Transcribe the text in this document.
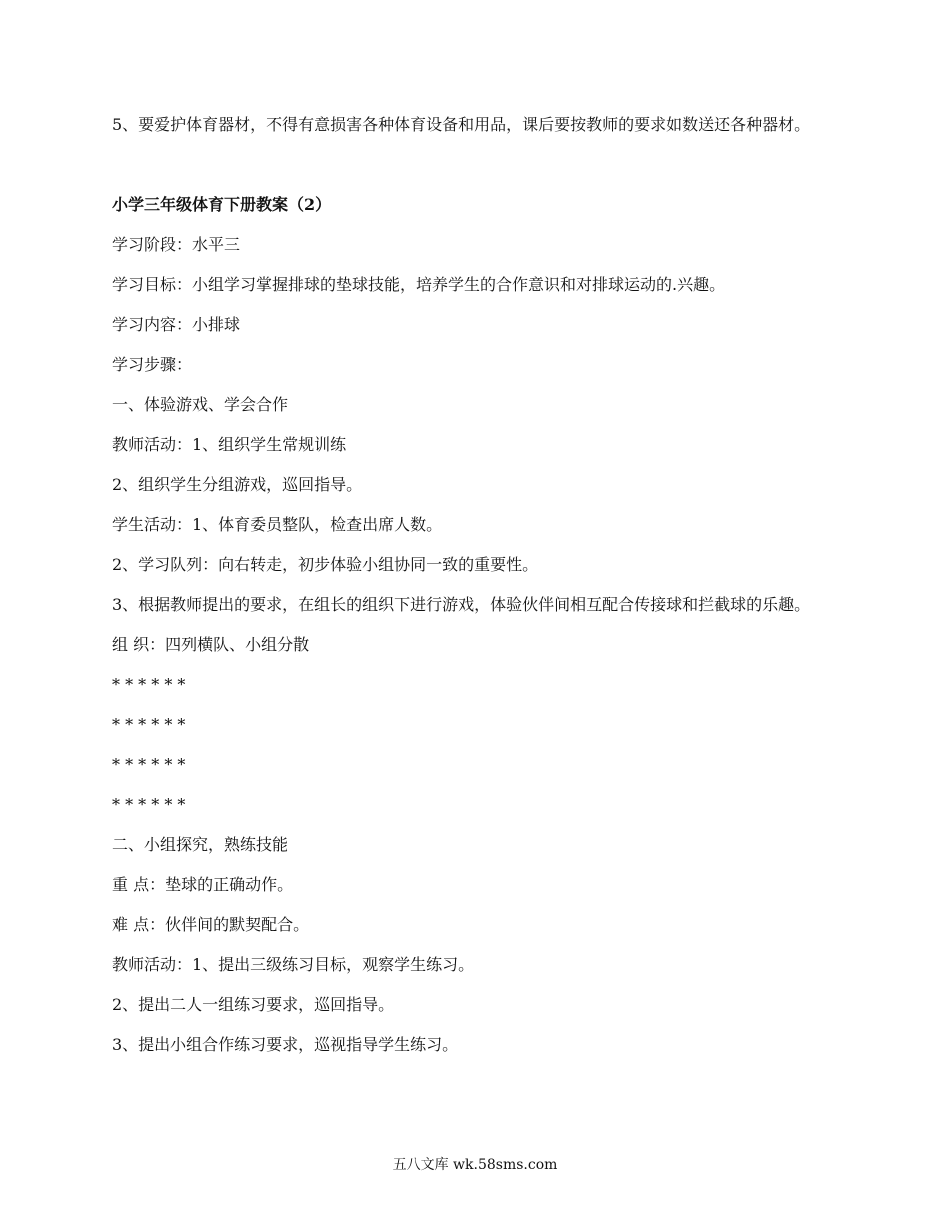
5、要爱护体育器材，不得有意损害各种体育设备和用品，课后要按教师的要求如数送还各种器材。

小学三年级体育下册教案（2）
学习阶段：水平三
学习目标：小组学习掌握排球的垫球技能，培养学生的合作意识和对排球运动的.兴趣。
学习内容：小排球
学习步骤：
一、体验游戏、学会合作
教师活动：1、组织学生常规训练
2、组织学生分组游戏，巡回指导。
学生活动：1、体育委员整队，检查出席人数。
2、学习队列：向右转走，初步体验小组协同一致的重要性。
3、根据教师提出的要求，在组长的组织下进行游戏，体验伙伴间相互配合传接球和拦截球的乐趣。
组 织：四列横队、小组分散
* * * * * *
* * * * * *
* * * * * *
* * * * * *
二、小组探究，熟练技能
重 点：垫球的正确动作。
难 点：伙伴间的默契配合。
教师活动：1、提出三级练习目标，观察学生练习。
2、提出二人一组练习要求，巡回指导。
3、提出小组合作练习要求，巡视指导学生练习。
五八文库 wk.58sms.com
